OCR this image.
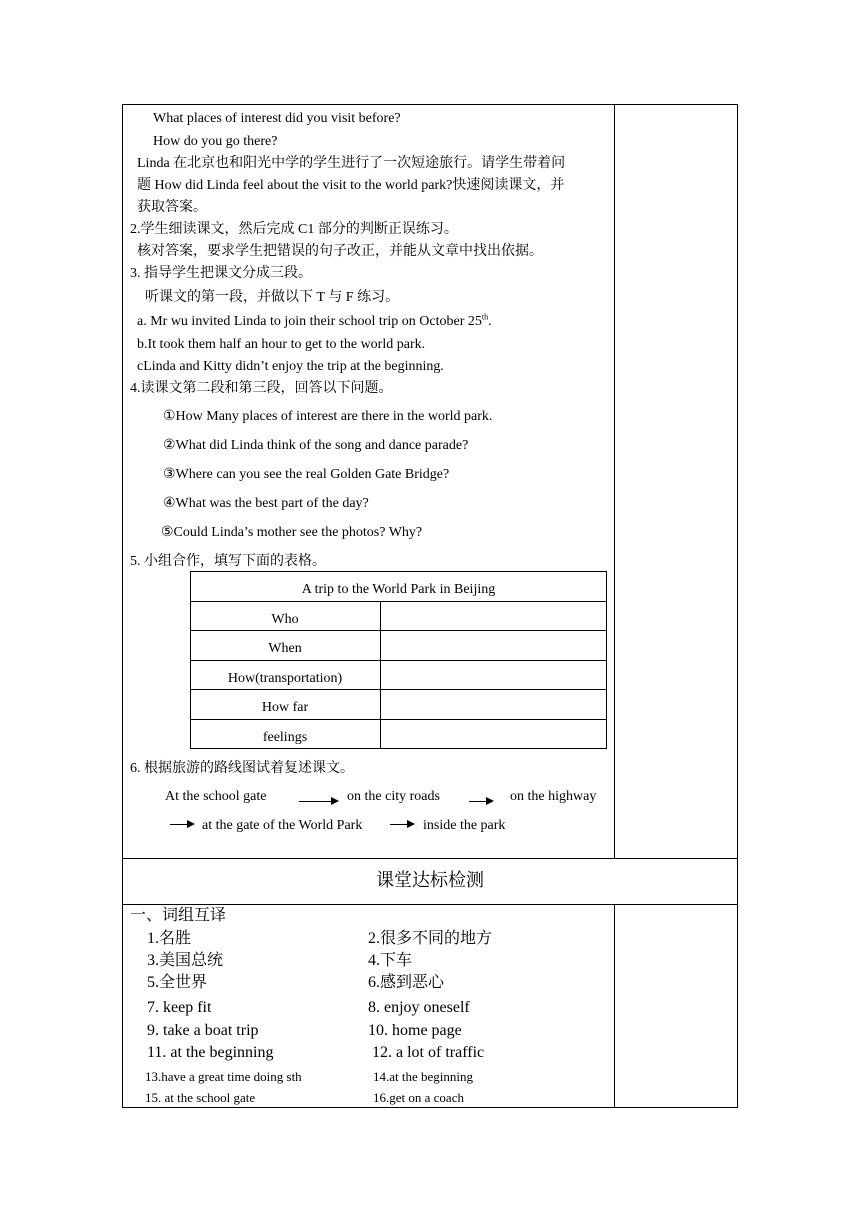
What places of interest did you visit before?
How do you go there?
Linda 在北京也和阳光中学的学生进行了一次短途旅行。请学生带着问
题 How did Linda feel about the visit to the world park?快速阅读课文，并
获取答案。
2.学生细读课文，然后完成 C1 部分的判断正误练习。
核对答案，要求学生把错误的句子改正，并能从文章中找出依据。
3. 指导学生把课文分成三段。
听课文的第一段，并做以下 T 与 F 练习。
a. Mr wu invited Linda to join their school trip on October 25th.
b.It took them half an hour to get to the world park.
cLinda and Kitty didn’t enjoy the trip at the beginning.
4.读课文第二段和第三段，回答以下问题。
①How Many places of interest are there in the world park.
②What did Linda think of the song and dance parade?
③Where can you see the real Golden Gate Bridge?
④What was the best part of the day?
⑤Could Linda’s mother see the photos? Why?
5. 小组合作，填写下面的表格。
A trip to the World Park in Beijing
Who
When
How(transportation)
How far
feelings
6. 根据旅游的路线图试着复述课文。
At the school gate	on the city roads	on the highway
at the gate of the World Park	inside the park
课堂达标检测
一、词组互译
1.名胜	2.很多不同的地方
3.美国总统	4.下车
5.全世界	6.感到恶心
7. keep fit	8. enjoy oneself
9. take a boat trip	10. home page
11. at the beginning	12. a lot of traffic
13.have a great time doing sth	14.at the beginning
15. at the school gate	16.get on a coach
